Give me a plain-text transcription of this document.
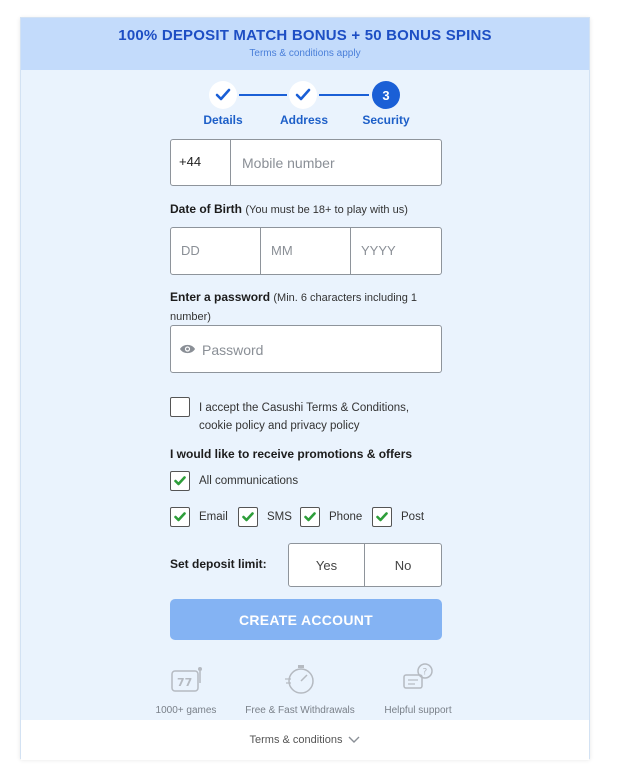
100% DEPOSIT MATCH BONUS + 50 BONUS SPINS
Terms & conditions apply
3
Details	Address	Security
+44	Mobile number
Date of Birth (You must be 18+ to play with us)
DD	MM	YYYY
Enter a password (Min. 6 characters including 1 number)
Password
I accept the Casushi Terms & Conditions,
cookie policy and privacy policy
I would like to receive promotions & offers
All communications
Email	SMS	Phone	Post
Set deposit limit:	Yes	No
CREATE ACCOUNT
77
1000+ games	Free & Fast Withdrawals
?
Helpful support
Terms & conditions
